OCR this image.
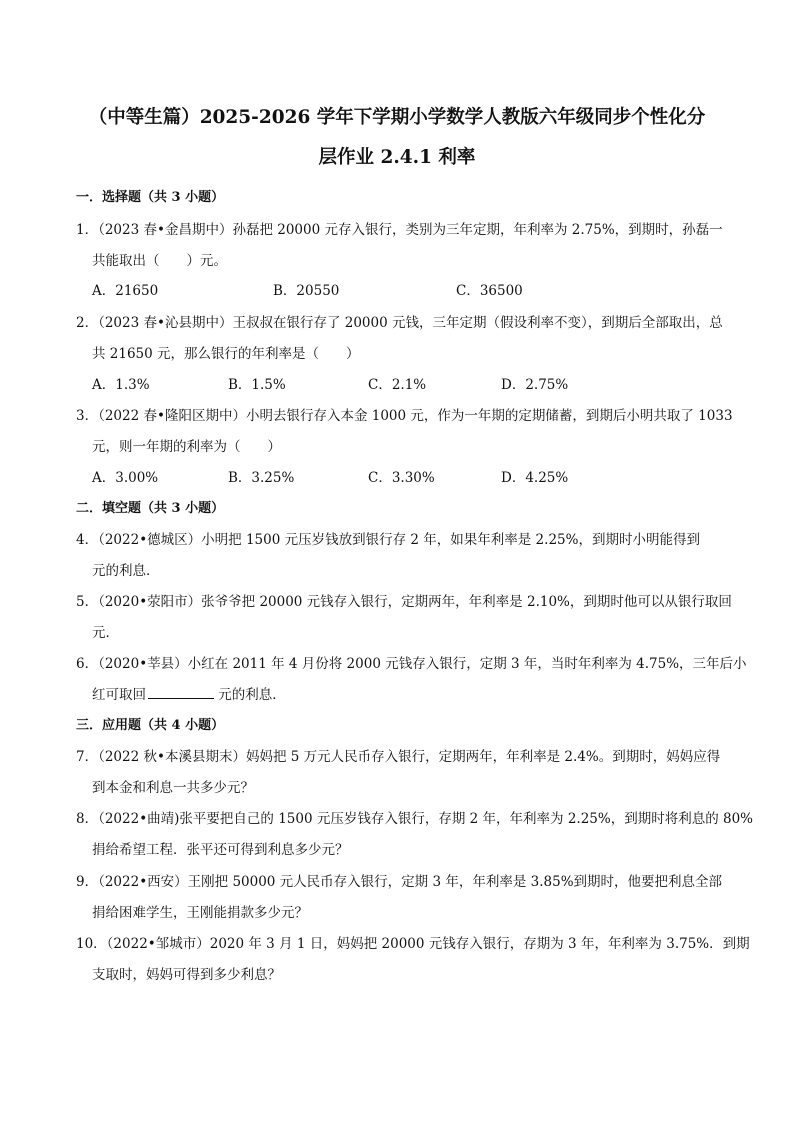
（中等生篇）2025-2026 学年下学期小学数学人教版六年级同步个性化分
层作业 2.4.1 利率
一．选择题（共 3 小题）
1．（2023 春•金昌期中）孙磊把 20000 元存入银行，类别为三年定期，年利率为 2.75%，到期时，孙磊一
共能取出（　　）元。
A．21650	B．20550	C．36500
2．（2023 春•沁县期中）王叔叔在银行存了 20000 元钱，三年定期（假设利率不变），到期后全部取出，总
共 21650 元，那么银行的年利率是（　　）
A．1.3%	B．1.5%	C．2.1%	D．2.75%
3．（2022 春•隆阳区期中）小明去银行存入本金 1000 元，作为一年期的定期储蓄，到期后小明共取了 1033
元，则一年期的利率为（　　）
A．3.00%	B．3.25%	C．3.30%	D．4.25%
二．填空题（共 3 小题）
4．（2022•德城区）小明把 1500 元压岁钱放到银行存 2 年，如果年利率是 2.25%，到期时小明能得到
元的利息．
5．（2020•荥阳市）张爷爷把 20000 元钱存入银行，定期两年，年利率是 2.10%，到期时他可以从银行取回
元．
6．（2020•莘县）小红在 2011 年 4 月份将 2000 元钱存入银行，定期 3 年，当时年利率为 4.75%，三年后小
红可取回	元的利息．
三．应用题（共 4 小题）
7．（2022 秋•本溪县期末）妈妈把 5 万元人民币存入银行，定期两年，年利率是 2.4%。到期时，妈妈应得
到本金和利息一共多少元？
8．（2022•曲靖)张平要把自己的 1500 元压岁钱存入银行，存期 2 年，年利率为 2.25%，到期时将利息的 80%
捐给希望工程．张平还可得到利息多少元？
9．（2022•西安）王刚把 50000 元人民币存入银行，定期 3 年，年利率是 3.85%到期时，他要把利息全部
捐给困难学生，王刚能捐款多少元？
10．（2022•邹城市）2020 年 3 月 1 日，妈妈把 20000 元钱存入银行，存期为 3 年，年利率为 3.75%．到期
支取时，妈妈可得到多少利息？
